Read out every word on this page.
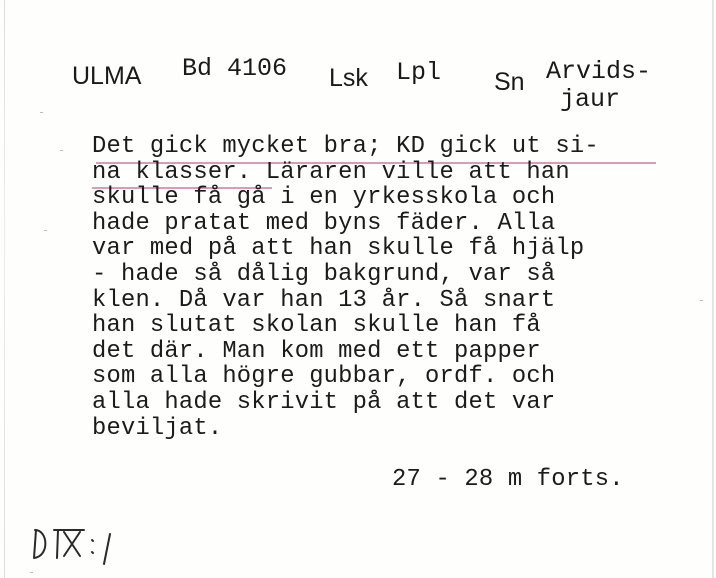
ULMA Bd 4106 Lsk Lpl Sn Arvids-
jaur
Det gick mycket bra; KD gick ut si-
na klasser. Läraren ville att han
skulle få gå i en yrkesskola och
hade pratat med byns fäder. Alla
var med på att han skulle få hjälp
- hade så dålig bakgrund, var så
klen. Då var han 13 år. Så snart
han slutat skolan skulle han få
det där. Man kom med ett papper
som alla högre gubbar, ordf. och
alla hade skrivit på att det var
beviljat.
27 - 28 m forts.
